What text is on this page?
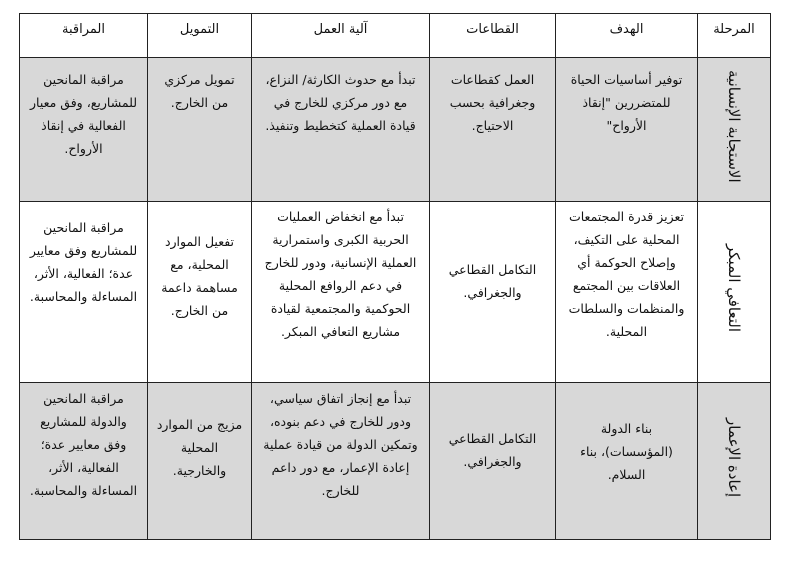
المرحلة	الهدف	القطاعات	آلية العمل	التمويل	المراقبة
الاستجابة الإنسانية	توفير أساسيات الحياة للمتضررين "إنقاذ الأرواح"	العمل كقطاعات وجغرافية بحسب الاحتياج.	تبدأ مع حدوث الكارثة/ النزاع، مع دور مركزي للخارج في قيادة العملية كتخطيط وتنفيذ.	تمويل مركزي من الخارج.	مراقبة المانحين للمشاريع، وفق معيار الفعالية في إنقاذ الأرواح.
التعافي المبكر	تعزيز قدرة المجتمعات المحلية على التكيف، وإصلاح الحوكمة أي العلاقات بين المجتمع والمنظمات والسلطات المحلية.	التكامل القطاعي والجغرافي.	تبدأ مع انخفاض العمليات الحربية الكبرى واستمرارية العملية الإنسانية، ودور للخارج في دعم الروافع المحلية الحوكمية والمجتمعية لقيادة مشاريع التعافي المبكر.	تفعيل الموارد المحلية، مع مساهمة داعمة من الخارج.	مراقبة المانحين للمشاريع وفق معايير عدة؛ الفعالية، الأثر، المساءلة والمحاسبة.
إعادة الإعمار	بناء الدولة (المؤسسات)، بناء السلام.	التكامل القطاعي والجغرافي.	تبدأ مع إنجاز اتفاق سياسي، ودور للخارج في دعم بنوده، وتمكين الدولة من قيادة عملية إعادة الإعمار، مع دور داعم للخارج.	مزيج من الموارد المحلية والخارجية.	مراقبة المانحين والدولة للمشاريع وفق معايير عدة؛ الفعالية، الأثر، المساءلة والمحاسبة.
